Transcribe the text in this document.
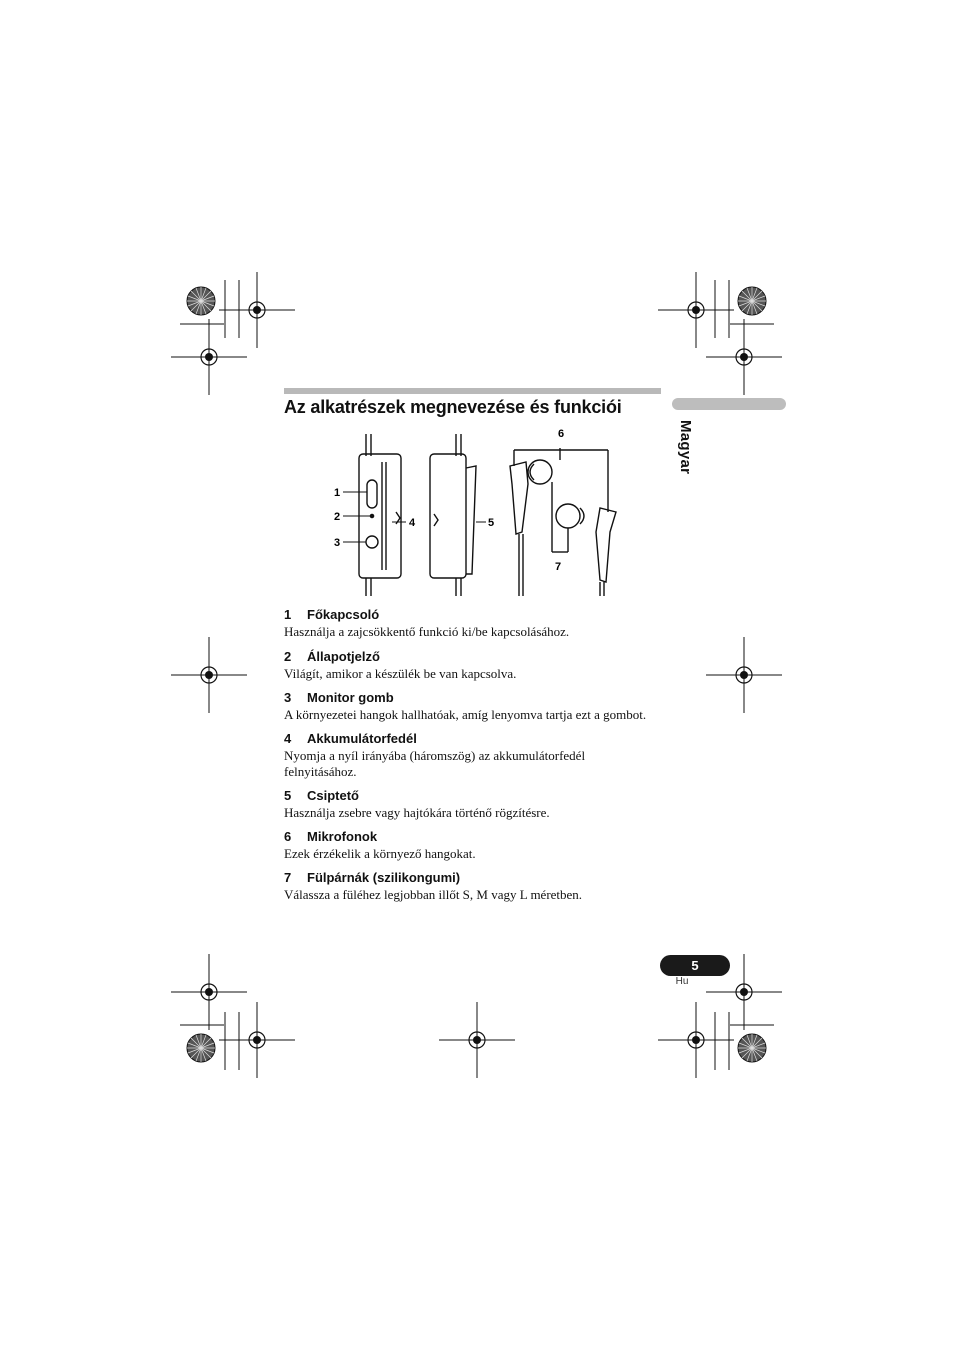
Magyar
Az alkatrészek megnevezése és funkciói
1
2
3
4	5
6
7
1	Főkapcsoló
Használja a zajcsökkentő funkció ki/be kapcsolásához.
2	Állapotjelző
Világít, amikor a készülék be van kapcsolva.
3	Monitor gomb
A környezetei hangok hallhatóak, amíg lenyomva tartja ezt a gombot.
4	Akkumulátorfedél
Nyomja a nyíl irányába (háromszög) az akkumulátorfedél felnyitásához.
5	Csiptető
Használja zsebre vagy hajtókára történő rögzítésre.
6	Mikrofonok
Ezek érzékelik a környező hangokat.
7	Fülpárnák (szilikongumi)
Válassza a füléhez legjobban illőt S, M vagy L méretben.
5
Hu
